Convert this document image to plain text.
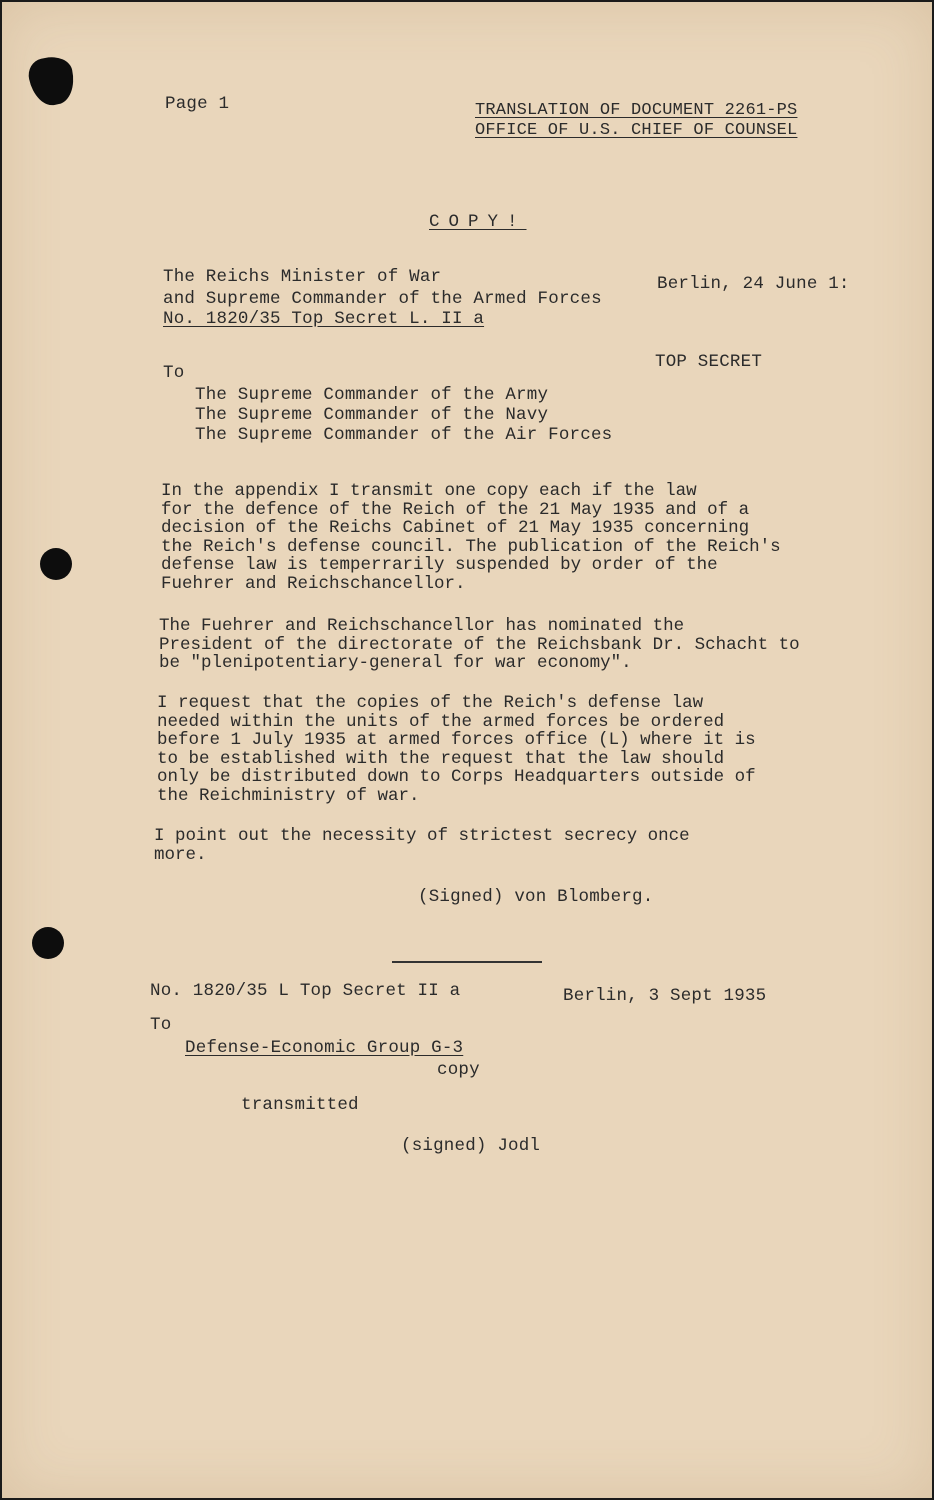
Page 1	TRANSLATION OF DOCUMENT 2261-PS
OFFICE OF U.S. CHIEF OF COUNSEL
COPY!
The Reichs Minister of War
and Supreme Commander of the Armed Forces
No. 1820/35 Top Secret L. II a
Berlin, 24 June 1:
TOP SECRET
To
The Supreme Commander of the Army
The Supreme Commander of the Navy
The Supreme Commander of the Air Forces
In the appendix I transmit one copy each if the law
for the defence of the Reich of the 21 May 1935 and of a
decision of the Reichs Cabinet of 21 May 1935 concerning
the Reich's defense council. The publication of the Reich's
defense law is temperrarily suspended by order of the
Fuehrer and Reichschancellor.
The Fuehrer and Reichschancellor has nominated the
President of the directorate of the Reichsbank Dr. Schacht to
be "plenipotentiary-general for war economy".
I request that the copies of the Reich's defense law
needed within the units of the armed forces be ordered
before 1 July 1935 at armed forces office (L) where it is
to be established with the request that the law should
only be distributed down to Corps Headquarters outside of
the Reichministry of war.
I point out the necessity of strictest secrecy once
more.
(Signed) von Blomberg.
No. 1820/35 L Top Secret II a	Berlin, 3 Sept 1935
To
Defense-Economic Group G-3
copy
transmitted
(signed) Jodl
